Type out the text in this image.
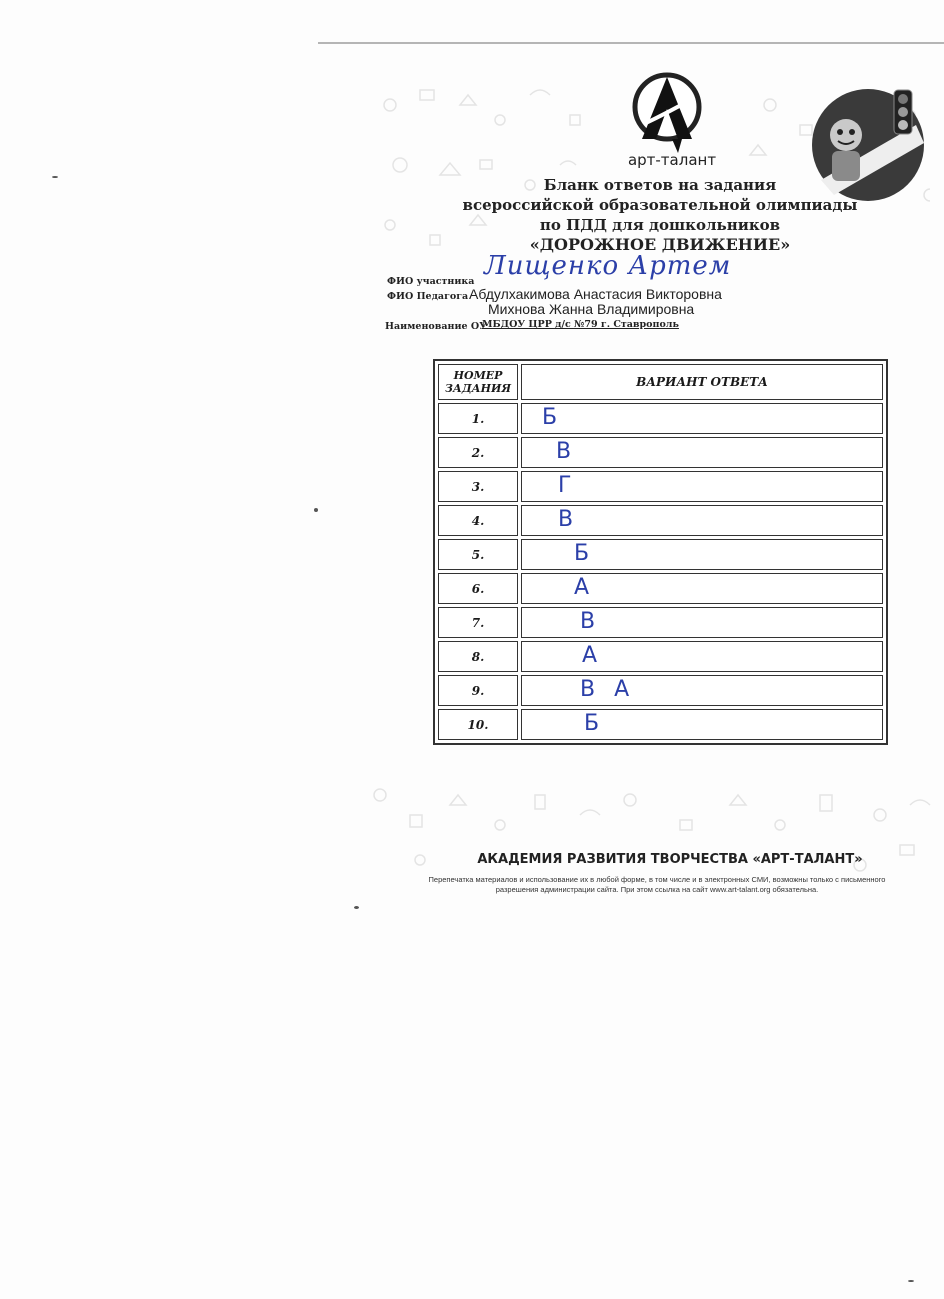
арт-талант
Бланк ответов на задания
всероссийской образовательной олимпиады
по ПДД для дошкольников
«ДОРОЖНОЕ ДВИЖЕНИЕ»
ФИО участника
Лищенко Артем
ФИО Педагога Абдулхакимова Анастасия Викторовна
Михнова Жанна Владимировна
Наименование ОУ
МБДОУ ЦРР д/с №79 г. Ставрополь
НОМЕР
ЗАДАНИЯ	ВАРИАНТ ОТВЕТА
1.	Б

2.	В

3.	Г

4.	В

5.	Б

6.	А

7.	В

8.	А

9.	В А

10.	Б
АКАДЕМИЯ РАЗВИТИЯ ТВОРЧЕСТВА «АРТ-ТАЛАНТ»
Перепечатка материалов и использование их в любой форме, в том числе и в электронных СМИ, возможны только с письменного
разрешения администрации сайта. При этом ссылка на сайт www.art-talant.org обязательна.
